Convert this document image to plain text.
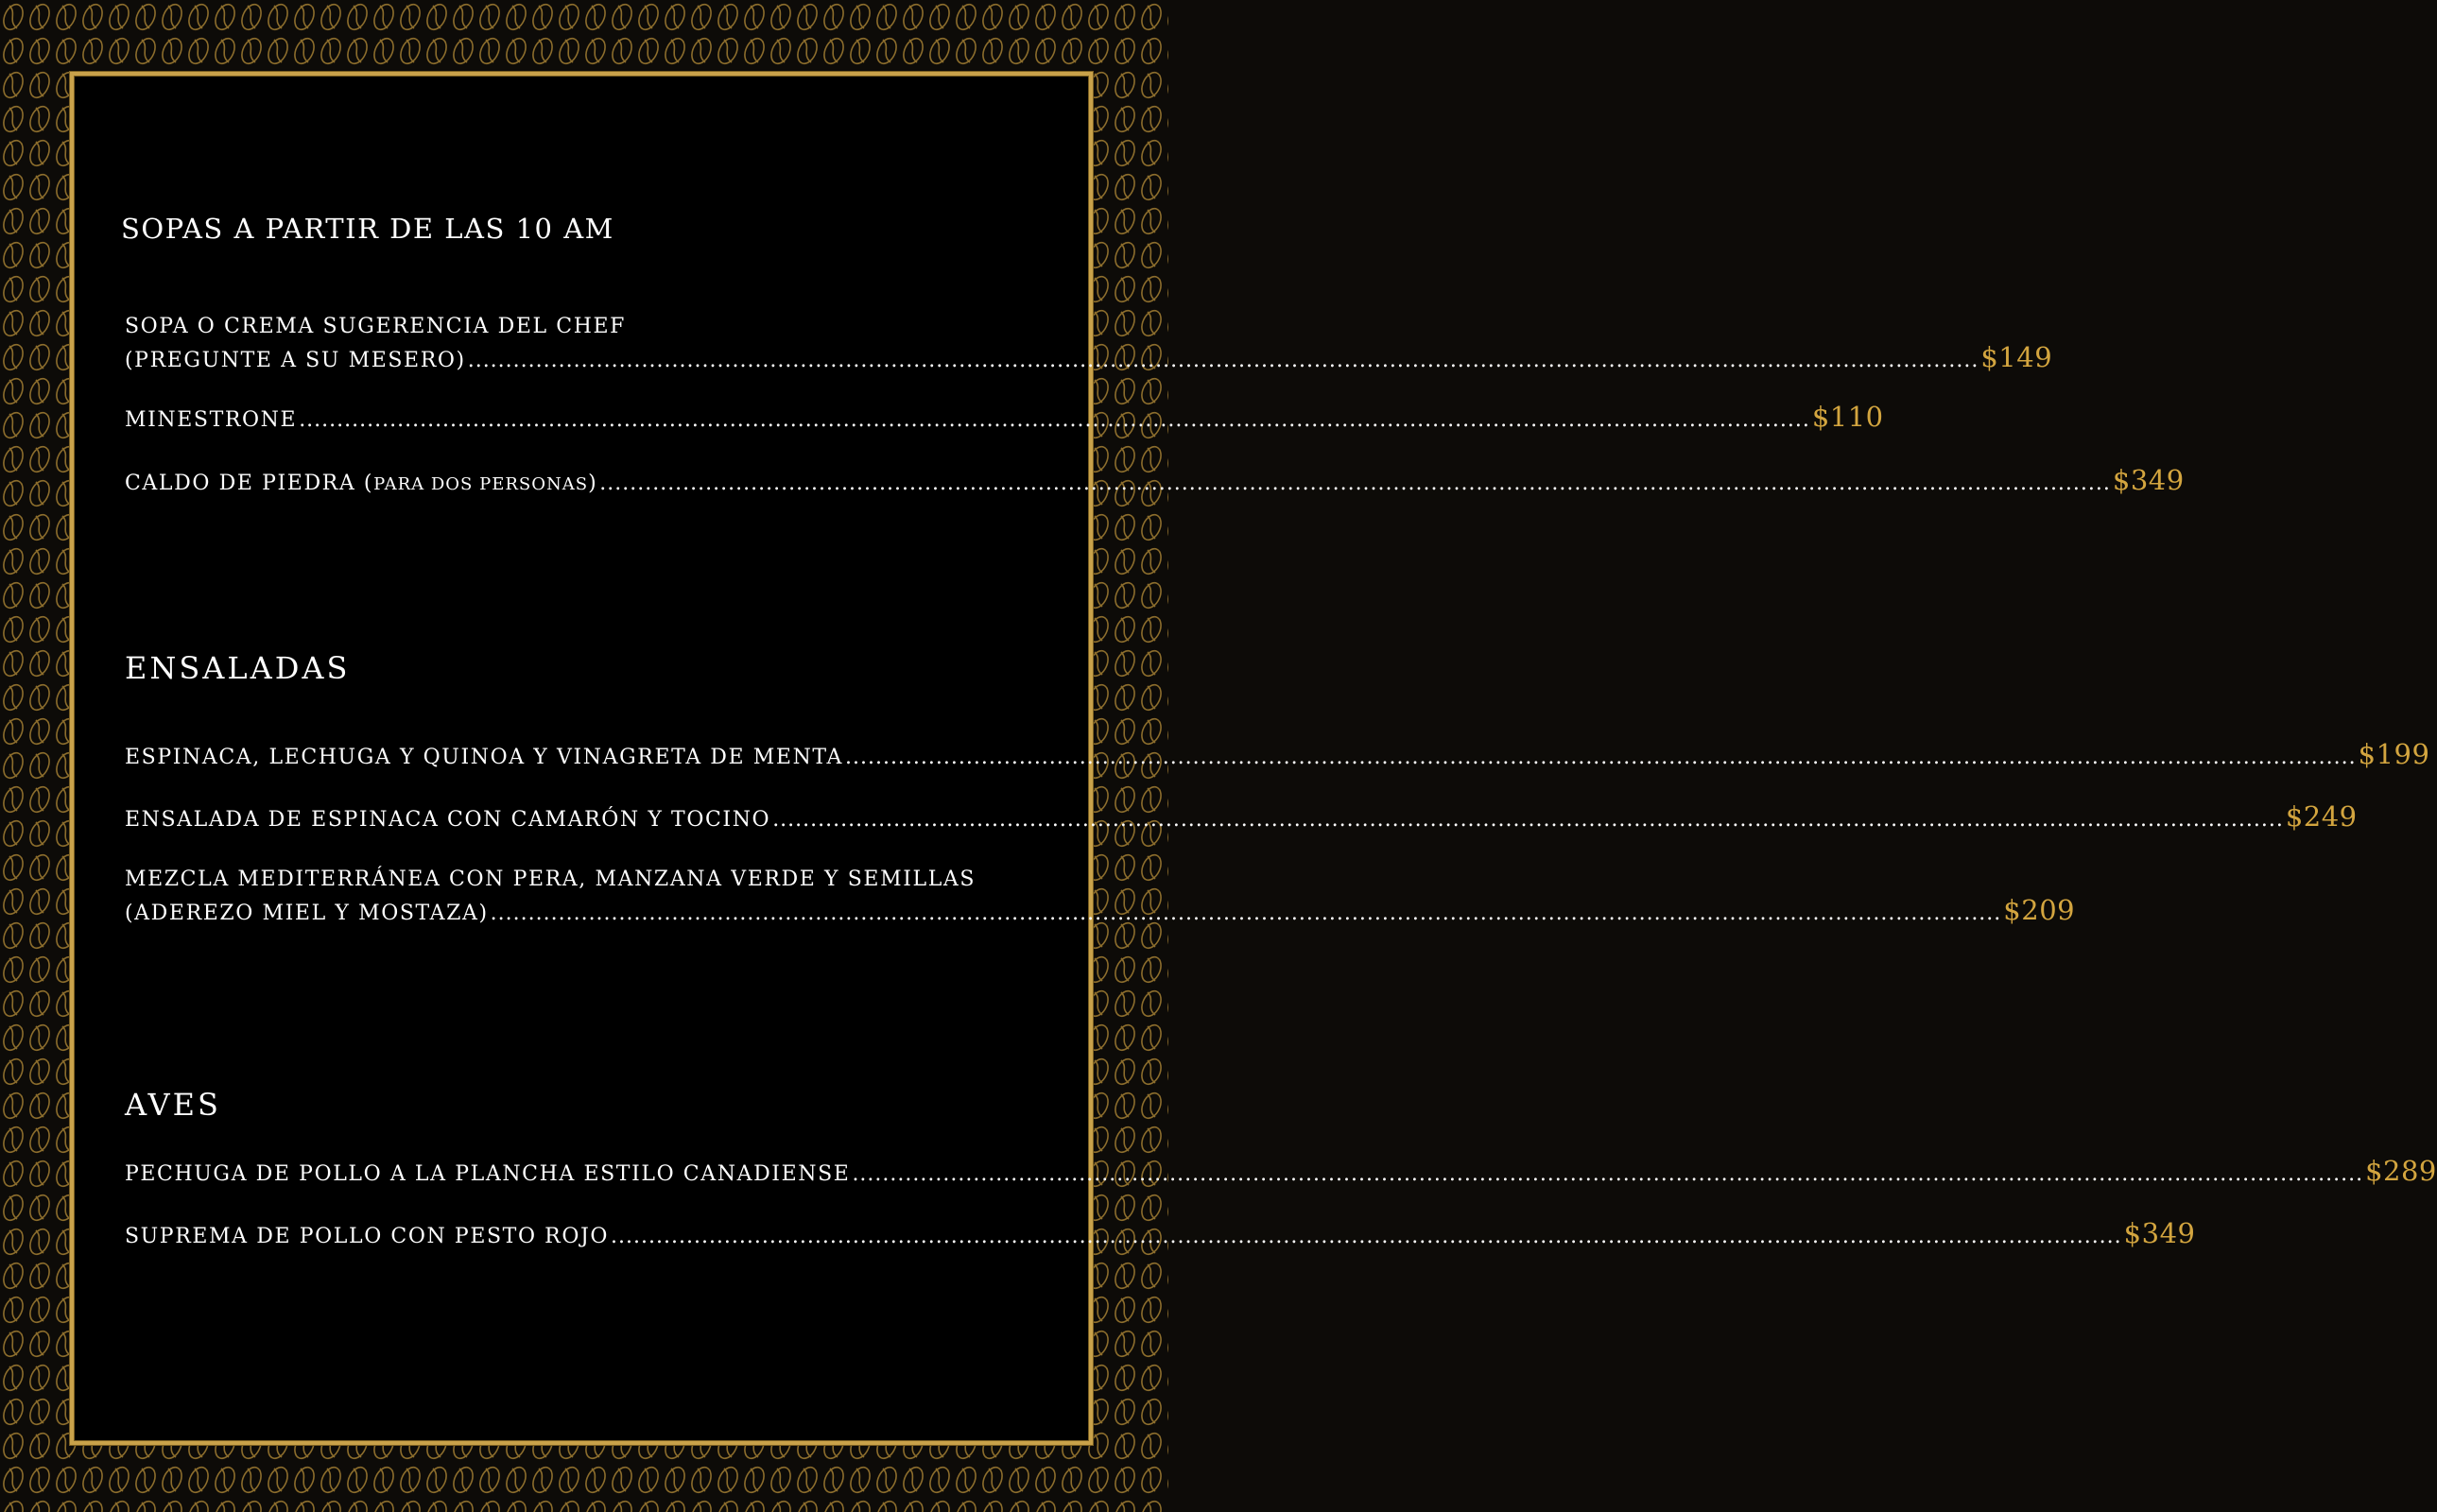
SOPAS A PARTIR DE LAS 10 AM
SOPA O CREMA SUGERENCIA DEL CHEF
(PREGUNTE A SU MESERO) ........................................................................................................................................................................................................ $149
MINESTRONE ........................................................................................................................................................................................................ $110
CALDO DE PIEDRA (PARA DOS PERSONAS) ........................................................................................................................................................................................................ $349
ENSALADAS
ESPINACA, LECHUGA Y QUINOA Y VINAGRETA DE MENTA ........................................................................................................................................................................................................ $199
ENSALADA DE ESPINACA CON CAMARÓN Y TOCINO ........................................................................................................................................................................................................ $249
MEZCLA MEDITERRÁNEA CON PERA, MANZANA VERDE Y SEMILLAS
(ADEREZO MIEL Y MOSTAZA) ........................................................................................................................................................................................................ $209
AVES
PECHUGA DE POLLO A LA PLANCHA ESTILO CANADIENSE ........................................................................................................................................................................................................ $289
SUPREMA DE POLLO CON PESTO ROJO ........................................................................................................................................................................................................ $349
